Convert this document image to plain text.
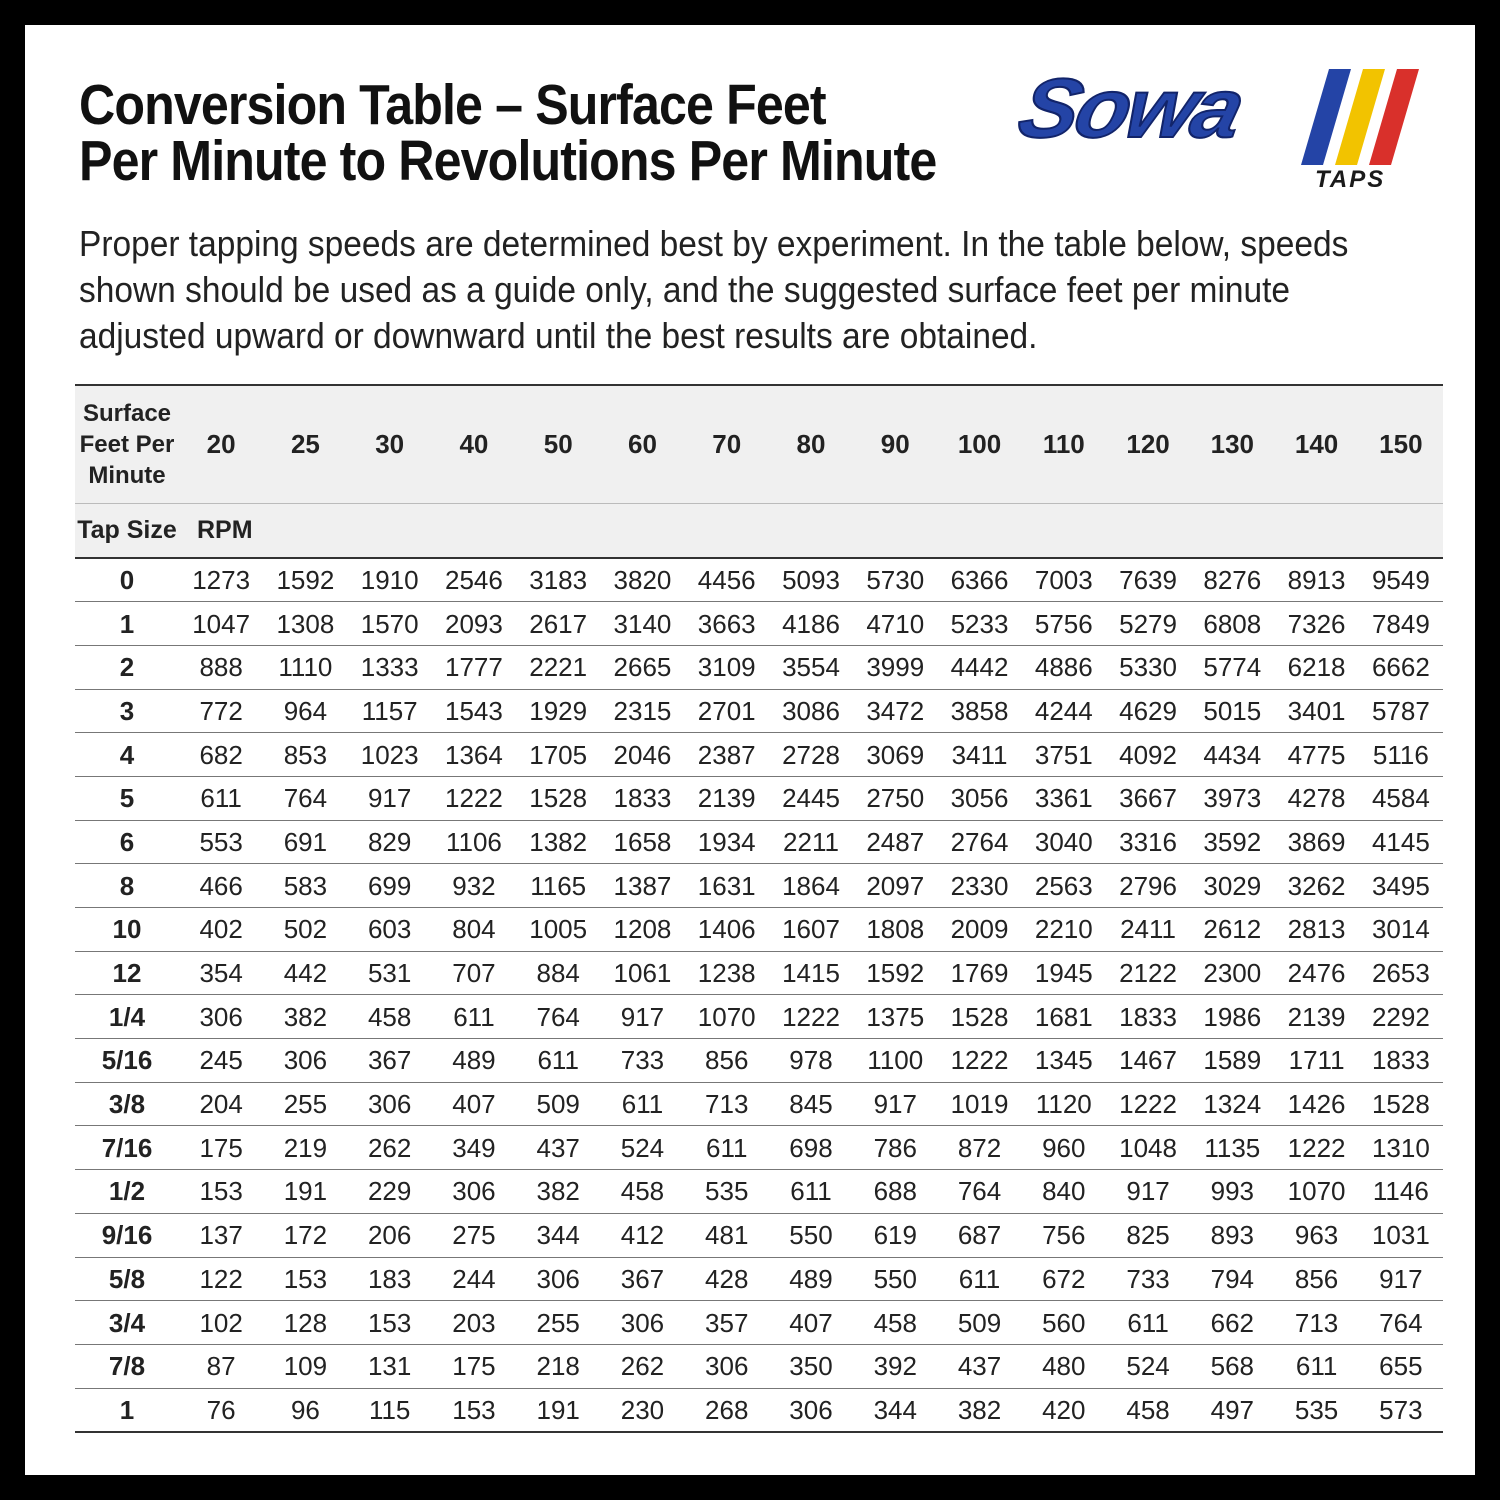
Conversion Table – Surface Feet
Per Minute to Revolutions Per Minute
Sowa
TAPS

Proper tapping speeds are determined best by experiment. In the table below, speeds shown should be used as a guide only, and the suggested surface feet per minute adjusted upward or downward until the best results are obtained.

Surface Feet Per Minute	20	25	30	40	50	60	70	80	90	100	110	120	130	140	150
Tap Size	RPM														
0	1273	1592	1910	2546	3183	3820	4456	5093	5730	6366	7003	7639	8276	8913	9549
1	1047	1308	1570	2093	2617	3140	3663	4186	4710	5233	5756	5279	6808	7326	7849
2	888	1110	1333	1777	2221	2665	3109	3554	3999	4442	4886	5330	5774	6218	6662
3	772	964	1157	1543	1929	2315	2701	3086	3472	3858	4244	4629	5015	3401	5787
4	682	853	1023	1364	1705	2046	2387	2728	3069	3411	3751	4092	4434	4775	5116
5	611	764	917	1222	1528	1833	2139	2445	2750	3056	3361	3667	3973	4278	4584
6	553	691	829	1106	1382	1658	1934	2211	2487	2764	3040	3316	3592	3869	4145
8	466	583	699	932	1165	1387	1631	1864	2097	2330	2563	2796	3029	3262	3495
10	402	502	603	804	1005	1208	1406	1607	1808	2009	2210	2411	2612	2813	3014
12	354	442	531	707	884	1061	1238	1415	1592	1769	1945	2122	2300	2476	2653
1/4	306	382	458	611	764	917	1070	1222	1375	1528	1681	1833	1986	2139	2292
5/16	245	306	367	489	611	733	856	978	1100	1222	1345	1467	1589	1711	1833
3/8	204	255	306	407	509	611	713	845	917	1019	1120	1222	1324	1426	1528
7/16	175	219	262	349	437	524	611	698	786	872	960	1048	1135	1222	1310
1/2	153	191	229	306	382	458	535	611	688	764	840	917	993	1070	1146
9/16	137	172	206	275	344	412	481	550	619	687	756	825	893	963	1031
5/8	122	153	183	244	306	367	428	489	550	611	672	733	794	856	917
3/4	102	128	153	203	255	306	357	407	458	509	560	611	662	713	764
7/8	87	109	131	175	218	262	306	350	392	437	480	524	568	611	655
1	76	96	115	153	191	230	268	306	344	382	420	458	497	535	573
